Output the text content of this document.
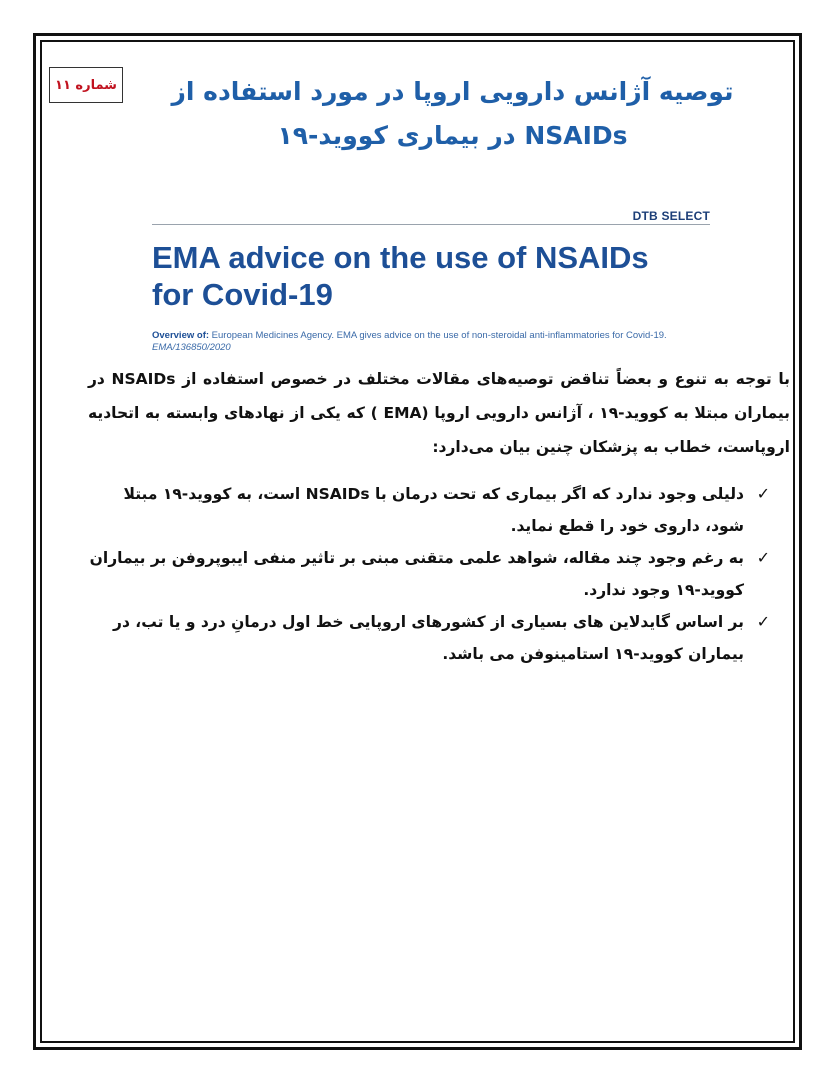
شماره ۱۱	توصیه آژانس دارویی اروپا در مورد استفاده از NSAIDs در بیماری کووید-۱۹
DTB SELECT
EMA advice on the use of NSAIDs for Covid-19
Overview of: European Medicines Agency. EMA gives advice on the use of non-steroidal anti-inflammatories for Covid-19.
EMA/136850/2020
با توجه به تنوع و بعضاً تناقض توصیه‌های مقالات مختلف در خصوص استفاده از NSAIDs در بیماران مبتلا به کووید-۱۹ ، آژانس دارویی اروپا (EMA ) که یکی از نهادهای وابسته به اتحادیه اروپاست، خطاب به پزشکان چنین بیان می‌دارد:
✓
دلیلی وجود ندارد که اگر بیماری که تحت درمان با NSAIDs است، به کووید-۱۹ مبتلا شود، داروی خود را قطع نماید.
✓
به رغم وجود چند مقاله، شواهد علمی متقنی مبنی بر تاثیر منفی ایبوپروفن بر بیماران کووید-۱۹ وجود ندارد.
✓
بر اساس گایدلاین های بسیاری از کشورهای اروپایی خط اول درمانِ درد و یا تب، در بیماران کووید-۱۹ استامینوفن می باشد.
